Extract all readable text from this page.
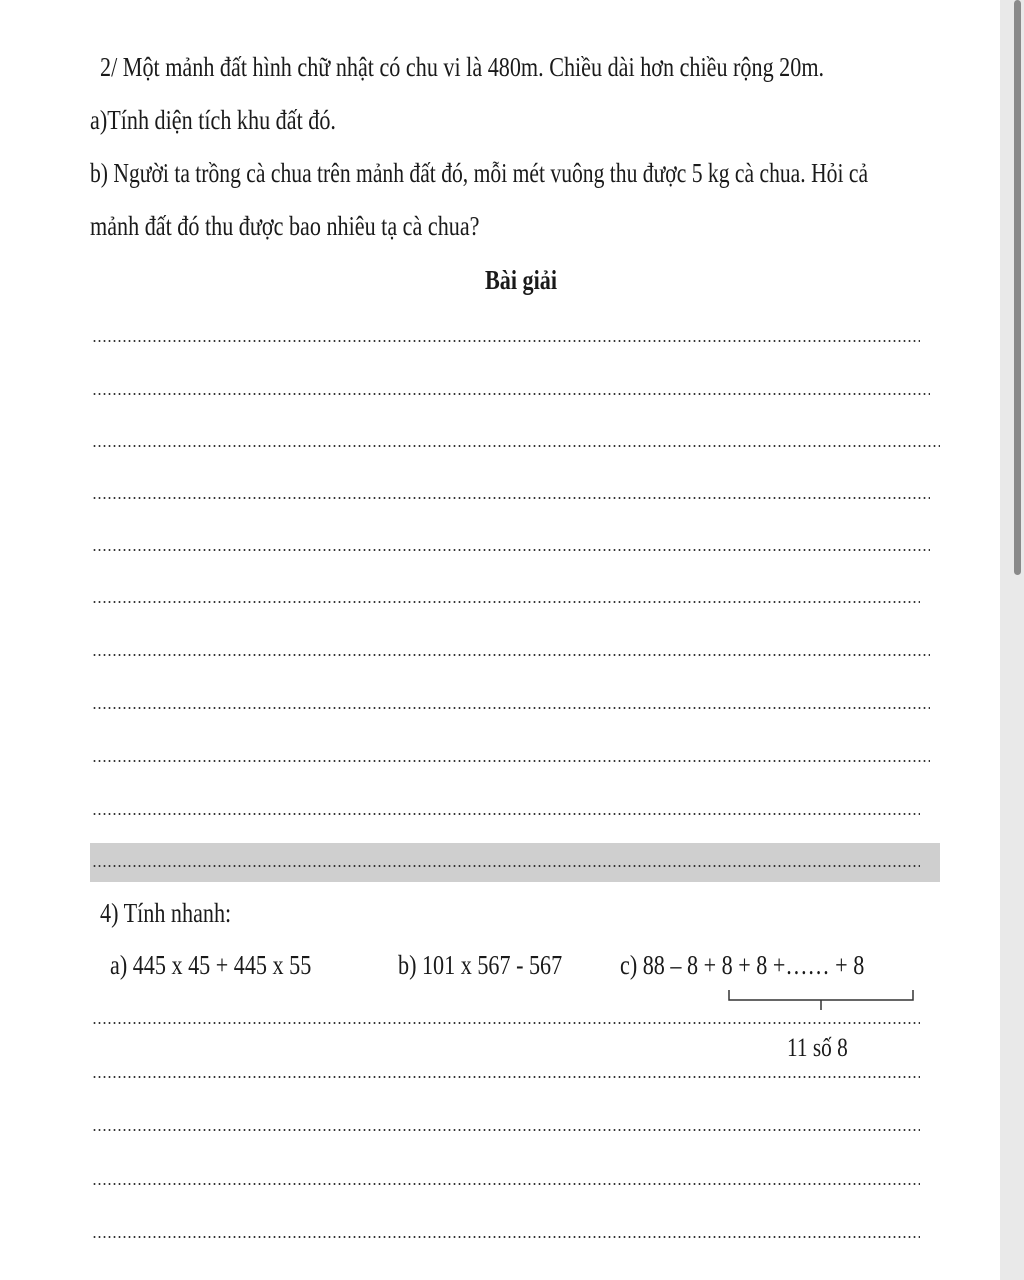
2/ Một mảnh đất hình chữ nhật có chu vi là 480m. Chiều dài hơn chiều rộng 20m.
a)Tính diện tích khu đất đó.
b) Người ta trồng cà chua trên mảnh đất đó, mỗi mét vuông thu được 5 kg cà chua. Hỏi cả
mảnh đất đó thu được bao nhiêu tạ cà chua?
Bài giải
4) Tính nhanh:
a) 445 x 45 + 445 x 55	b) 101 x 567 - 567 c) 88 – 8 + 8 + 8 +…… + 8
11 số 8
